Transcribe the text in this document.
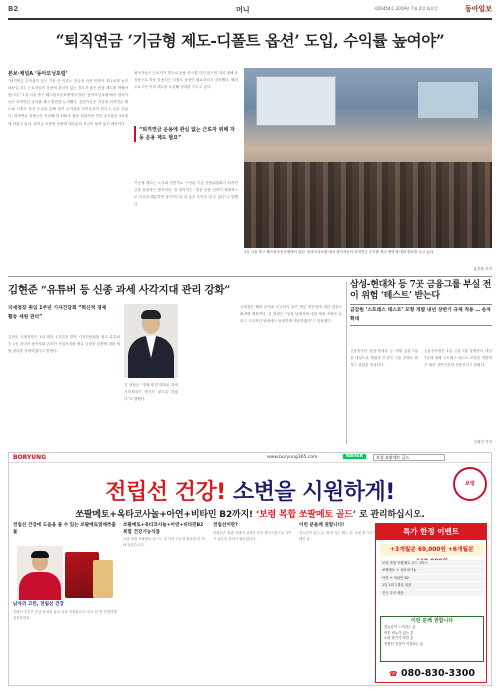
B2	머니	제20454호 2019년 7월 2일 화요일	동아일보
“퇴직연금 ‘기금형 제도-디폴트 옵션’ 도입, 수익률 높여야”
본보·채널A ‘동아모닝포럼’
“퇴직연금 수익률이 낮은 가장 큰 이유는 현금성 자산 비중이 지나치게 높기 때문입니다. 근로자들이 운용에 관심이 없는 경우가 많은 만큼 제도를 바꿔야 합니다.” 1일 서울 중구 웨스틴조선호텔에서 열린 ‘동아모닝포럼’에서 참석자들은 퇴직연금 수익률 제고 방안을 논의했다. 전문가들은 기금형 퇴직연금 제도와 디폴트 옵션 도입을 통해 장기 수익률을 끌어올려야 한다고 입을 모았다. 퇴직연금 적립금은 지난해 말 190조 원을 넘었지만 연간 수익률은 1%대에 머물고 있다. 원리금 보장형 상품에 대부분의 자금이 몰려 있기 때문이다.
참석자들은 근로자가 별도로 운용 지시를 하지 않으면 미리 정해 둔 상품으로 자동 운용되는 디폴트 옵션이 필요하다고 강조했다. 해외 주요국은 이미 제도를 도입해 성과를 거두고 있다.
“퇴직연금 운용에 관심 없는 근로자 위해 자동 운용 제도 필요”
기금형 제도는 노사와 전문가로 구성된 기금 운용위원회가 퇴직연금을 운용하는 방식이다. 한 참석자는 “전문 운용 인력이 체계적으로 자산을 배분하면 장기적으로 더 높은 수익을 낼 수 있다”고 말했다.
1일 서울 중구 웨스틴조선호텔에서 열린 ‘동아모닝포럼’에서 참석자들이 퇴직연금 수익률 제고 방안에 대한 발표를 듣고 있다.
홍진환 기자
김현준 “유튜버 등 신종 과세 사각지대 관리 강화”
국세청장 취임 1주년 기자간담회 “혁신적 경제활동 세원 관리”
김현준 국세청장은 1일 취임 1주년을 맞아 기자간담회를 열고 유튜버 등 1인 미디어 창작자와 온라인 사업자처럼 새로 등장한 업종에 대한 세원 관리를 강화하겠다고 밝혔다.
김 청장은 “경제 환경 변화로 과세 사각지대가 생기지 않도록 하겠다”고 말했다.
국세청은 해외 수익을 신고하지 않은 개인 방송인에 대한 검증도 확대할 계획이다. 김 청장은 “성실 납세자에 대한 세정 지원은 늘리고 고의적인 탈세에는 엄정하게 대응하겠다”고 덧붙였다.
삼성-현대차 등 7곳 금융그룹 부실 전이 위험 ‘테스트’ 받는다
금감원 ‘스트레스 테스트’ 모형 개발 내년 상반기 규제 적용 … 순차 확대
금융당국이 삼성·현대차 등 대형 금융그룹을 대상으로 계열사 부실이 그룹 전체로 번지는 위험을 점검한다.
금융감독원은 1일 금융그룹 통합감독 대상 7곳에 대해 스트레스 테스트 모형을 개발하고 내년 상반기부터 적용한다고 밝혔다.
김형민 기자
BORYUNG	www.boryung365.com	NAVER	보령 쏘팔메토 골드
보령
전립선 건강! 소변을 시원하게!
쏘팔메토+옥타코사놀+아연+비타민 B2까지! ‘보령 복합 쏘팔메토 골드’ 로 관리하십시오.
전립선 건강에 도움을 줄 수 있는 쏘팔메토열매추출물
남자의 고민, 전립선 건강
전립선 건강은 중년 남성의 삶의 질과 직결됩니다. 하루 한 번 간편하게 섭취하세요.
쏘팔메토+옥타코사놀+아연+비타민B2 복합 건강기능식품
보령 복합 쏘팔메토 골드는 네 가지 기능성 원료를 한 번에 담았습니다.
전립선이란?
전립선은 방광 아래에 위치한 남성 생식기관으로 나이가 들수록 관리가 필요합니다.
이런 분들께 권합니다!
잔뇨감이 있는 분, 밤에 자주 깨는 분, 소변 줄기가 약해진 분
특가 한정 이벤트
+3개월분 69,000원 +6개월분
보령 복합 쏘팔메토 골드 1박스
쏘팔메토 + 옥타코사놀
아연 + 비타민 B2
1일 1회 1캡슐 섭취
전국 무료 배송
이런 분께 권합니다
잔뇨감이 느껴지는 분
야간 빈뇨가 있는 분
소변 줄기가 약한 분
전립선 건강이 걱정되는 분
☎ 080-830-3300
